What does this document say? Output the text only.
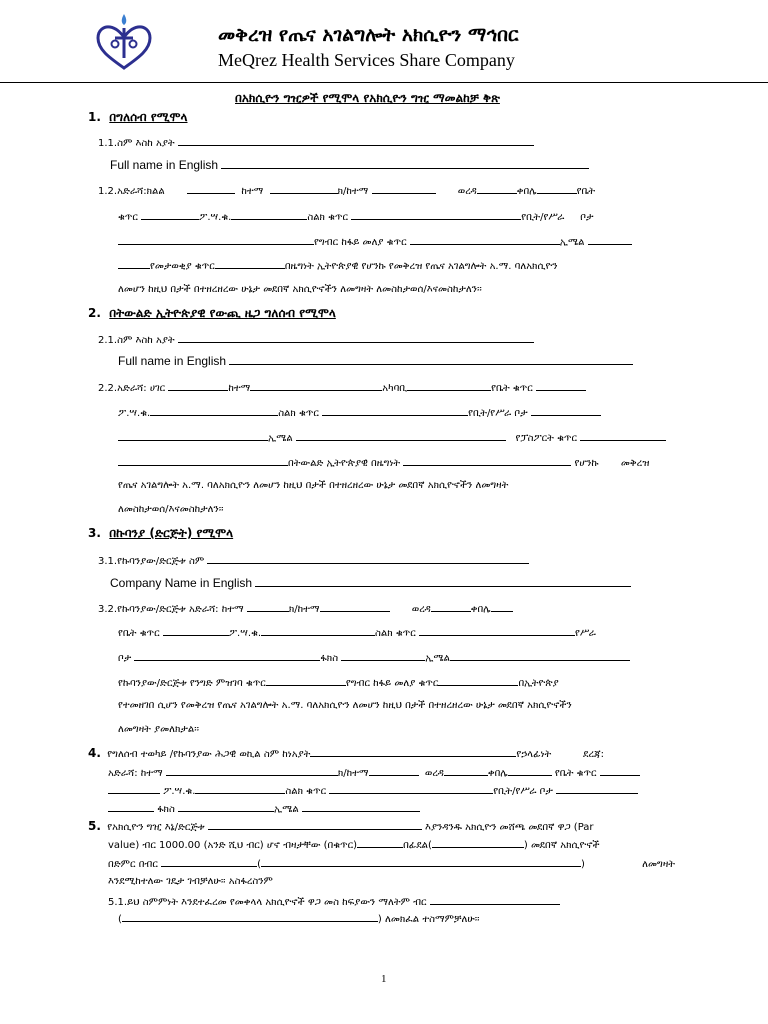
መቅረዝ የጤና አገልግሎት አክሲዮን ማኅበር
MeQrez Health Services Share Company
በአክሲዮን ግዢዎች የሚሞላ የአክሲዮን ግዢ ማመልከቻ ቅጽ
1. በግለሰብ የሚሞላ
1.1.ስም እስከ አያት
Full name in English
1.2.አድራሻ:ክልል	ከተማ	ክ/ከተማ	ወረዳ	ቀበሌ	የቤት
ቁጥር	ፖ.ሣ.ቁ.	ስልክ ቁጥር	የቢት/የሥራ ቦታ
የግብር ከፋይ መለያ ቁጥር	ኢሜል
የመታወቂያ ቁጥር	በዜግነት ኢትዮጵያዊ የሆንኩ የመቅረዝ የጤና አገልግሎት አ.ማ. ባለአክሲዮን
ለመሆን ከዚህ በታች በተዘረዘረው ሁኔታ መደበኛ አክሲዮኖችን ለመግዛት ለመስከታወሰ/እናመስከታለን፡፡
2. በትውልድ ኢትዮጵያዊ የውጪ ዜጋ ግለሰብ የሚሞላ
2.1.ስም እስከ አያት
Full name in English
2.2.አድራሻ: ሀገር	ከተማ	አካባቢ	የቤት ቁጥር
ፖ.ሣ.ቁ.	ስልክ ቁጥር	የቢት/የሥራ ቦታ
ኢሜል	የፓስፖርት ቁጥር
በትውልድ ኢትዮጵያዊ በዜግነት	የሆንኩ መቅረዝ
የጤና አገልግሎት አ.ማ. ባለአክሲዮን ለመሆን ከዚህ በታች በተዘረዘረው ሁኔታ መደበኛ አክሲዮኖችን ለመግዛት
ለመስከታወሰ/እናመስከታለን፡፡
3. በኩባንያ (ድርጅት) የሚሞላ
3.1.የኩባንያው/ድርጅቱ ስም
Company Name in English
3.2.የኩባንያው/ድርጅቱ አድራሻ: ከተማ	ክ/ከተማ	ወረዳ	ቀበሌ
የቤት ቁጥር	ፖ.ሣ.ቁ.	ስልክ ቁጥር	የሥራ
ቦታ	ፋክስ	ኢሜል
የኩባንያው/ድርጅቱ የንግድ ምዝገባ ቁጥር	የግብር ከፋይ መለያ ቁጥር	በኢትዮጵያ
የተመዘገበ ሲሆን የመቅረዝ የጤና አገልግሎት አ.ማ. ባለአክሲዮን ለመሆን ከዚህ በታች በተዘረዘረው ሁኔታ መደበኛ አክሲዮኖችን
ለመግዛት ያመለክታል፡፡
4. የግለሰብ ተወካይ /የኩባንያው ሕጋዊ ወኪል ስም ከነአያት	የኃላፊነት	ደረጃ:
አድራሻ: ከተማ	ክ/ከተማ	ወረዳ	ቀበሌ	የቤት ቁጥር
ፖ.ሣ.ቁ.	ስልክ ቁጥር	የቢት/የሥራ ቦታ
ፋክስ	ኢሜል
5. የአክሲዮን ግዢ እኔ/ድርጅቱ	እያንዳንዱ አክሲዮን መሸጫ መደበኛ ዋጋ (Par
value) ብር 1000.00 (አንድ ሺህ ብር) ሆኖ ብዛታቸው (በቁጥር)	በፊደል(	) መደበኛ አክሲዮኖች
በድምር በብር	(	)	ለመግዛት
እንደሚከተለው ገዴታ ገብቻለሁ፡፡ አስፋረስንም
5.1.ይህ ስምምነት እንደተፈረመ የመቀላላ አክሲዮኖች ዋጋ መስ ከፍያውን ማለትም ብር
(	) ለመክፈል ተስማምቻለሁ፡፡
1
